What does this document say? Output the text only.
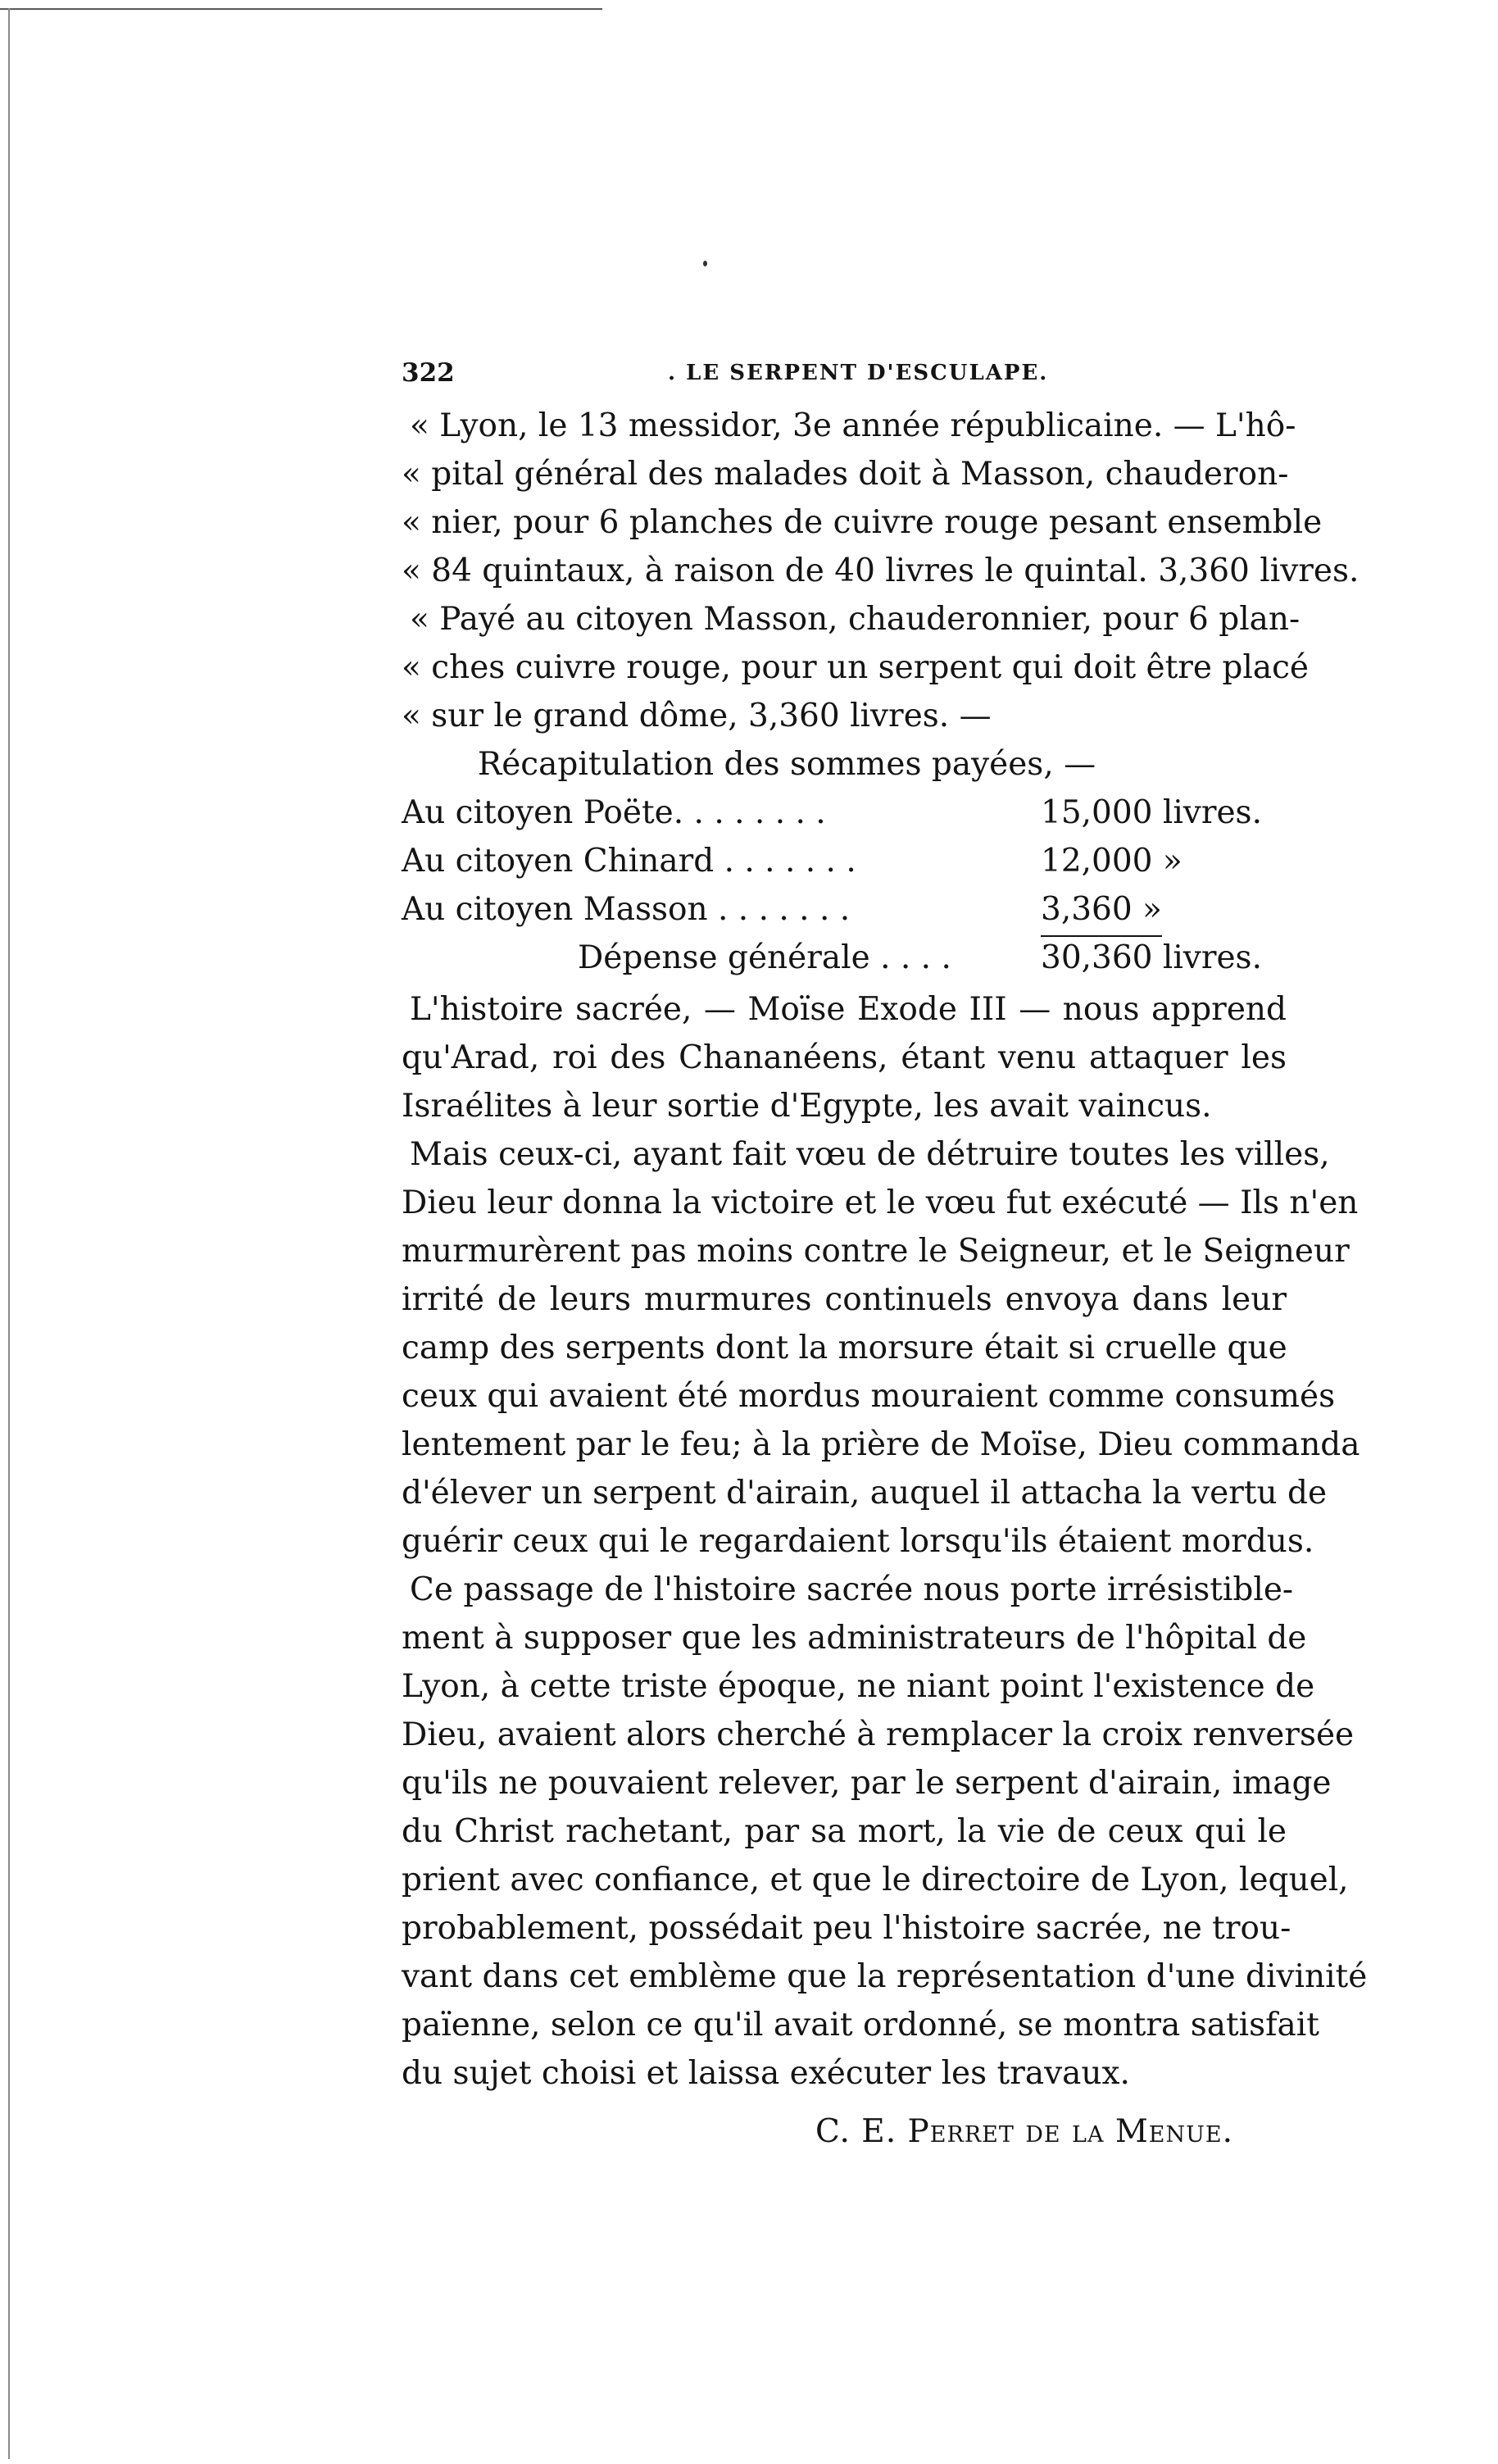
322	. LE SERPENT D'ESCULAPE.
« Lyon, le 13 messidor, 3e année républicaine. — L'hô-
« pital général des malades doit à Masson, chauderon-
« nier, pour 6 planches de cuivre rouge pesant ensemble
« 84 quintaux, à raison de 40 livres le quintal. 3,360 livres.
« Payé au citoyen Masson, chauderonnier, pour 6 plan-
« ches cuivre rouge, pour un serpent qui doit être placé
« sur le grand dôme, 3,360 livres. —
Récapitulation des sommes payées, —
Au citoyen Poëte. . . . . . . .	15,000 livres.
Au citoyen Chinard . . . . . . .	12,000 »
Au citoyen Masson . . . . . . .	3,360 »
Dépense générale . . . .	30,360 livres.
L'histoire sacrée, — Moïse Exode III — nous apprend
qu'Arad, roi des Chananéens, étant venu attaquer les
Israélites à leur sortie d'Egypte, les avait vaincus.
Mais ceux-ci, ayant fait vœu de détruire toutes les villes,
Dieu leur donna la victoire et le vœu fut exécuté — Ils n'en
murmurèrent pas moins contre le Seigneur, et le Seigneur
irrité de leurs murmures continuels envoya dans leur
camp des serpents dont la morsure était si cruelle que
ceux qui avaient été mordus mouraient comme consumés
lentement par le feu; à la prière de Moïse, Dieu commanda
d'élever un serpent d'airain, auquel il attacha la vertu de
guérir ceux qui le regardaient lorsqu'ils étaient mordus.
Ce passage de l'histoire sacrée nous porte irrésistible-
ment à supposer que les administrateurs de l'hôpital de
Lyon, à cette triste époque, ne niant point l'existence de
Dieu, avaient alors cherché à remplacer la croix renversée
qu'ils ne pouvaient relever, par le serpent d'airain, image
du Christ rachetant, par sa mort, la vie de ceux qui le
prient avec confiance, et que le directoire de Lyon, lequel,
probablement, possédait peu l'histoire sacrée, ne trou-
vant dans cet emblème que la représentation d'une divinité
païenne, selon ce qu'il avait ordonné, se montra satisfait
du sujet choisi et laissa exécuter les travaux.
C. E. Perret de la Menue.
